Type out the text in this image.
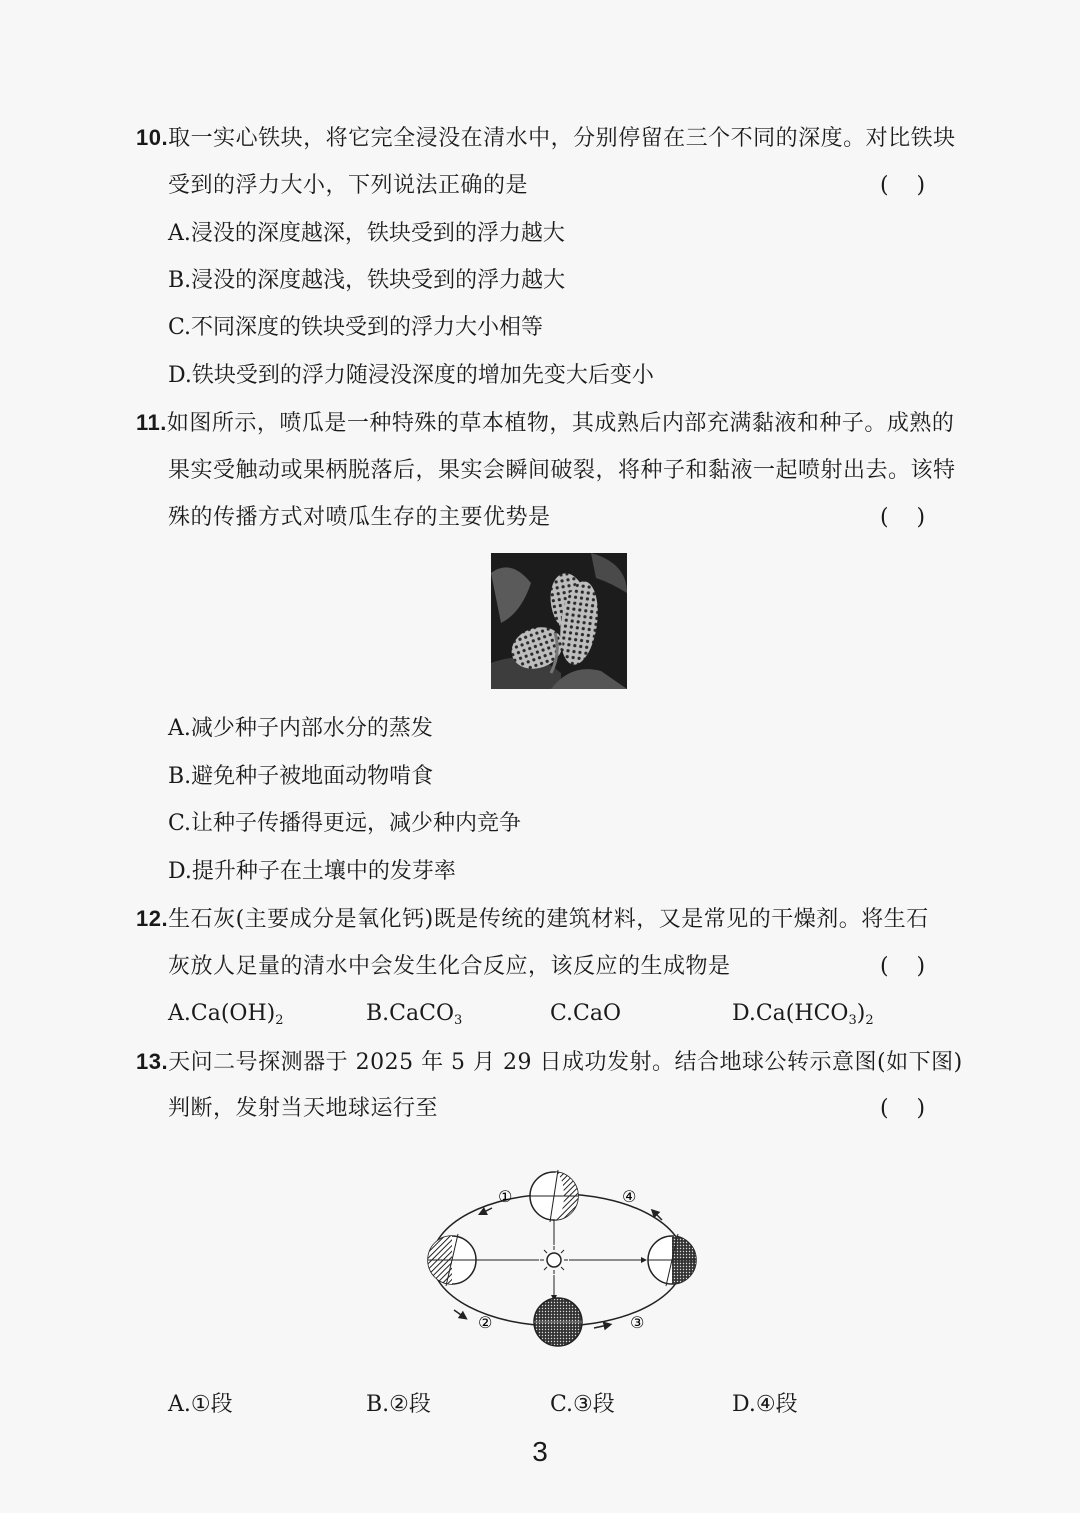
10.取一实心铁块，将它完全浸没在清水中，分别停留在三个不同的深度。对比铁块
受到的浮力大小，下列说法正确的是	(    )
A.浸没的深度越深，铁块受到的浮力越大
B.浸没的深度越浅，铁块受到的浮力越大
C.不同深度的铁块受到的浮力大小相等
D.铁块受到的浮力随浸没深度的增加先变大后变小
11.如图所示，喷瓜是一种特殊的草本植物，其成熟后内部充满黏液和种子。成熟的
果实受触动或果柄脱落后，果实会瞬间破裂，将种子和黏液一起喷射出去。该特
殊的传播方式对喷瓜生存的主要优势是	(    )
A.减少种子内部水分的蒸发
B.避免种子被地面动物啃食
C.让种子传播得更远，减少种内竞争
D.提升种子在土壤中的发芽率
12.生石灰(主要成分是氧化钙)既是传统的建筑材料，又是常见的干燥剂。将生石
灰放人足量的清水中会发生化合反应，该反应的生成物是	(    )
$A.Ca(OH)_2$	B.CaCO$_3$	C.CaO	$D.Ca(HCO_3)_2$
13.天问二号探测器于 2025 年 5 月 29 日成功发射。结合地球公转示意图(如下图)
判断，发射当天地球运行至	(    )
①
②	③
④
A.①段	B.②段	C.③段	D.④段
3
